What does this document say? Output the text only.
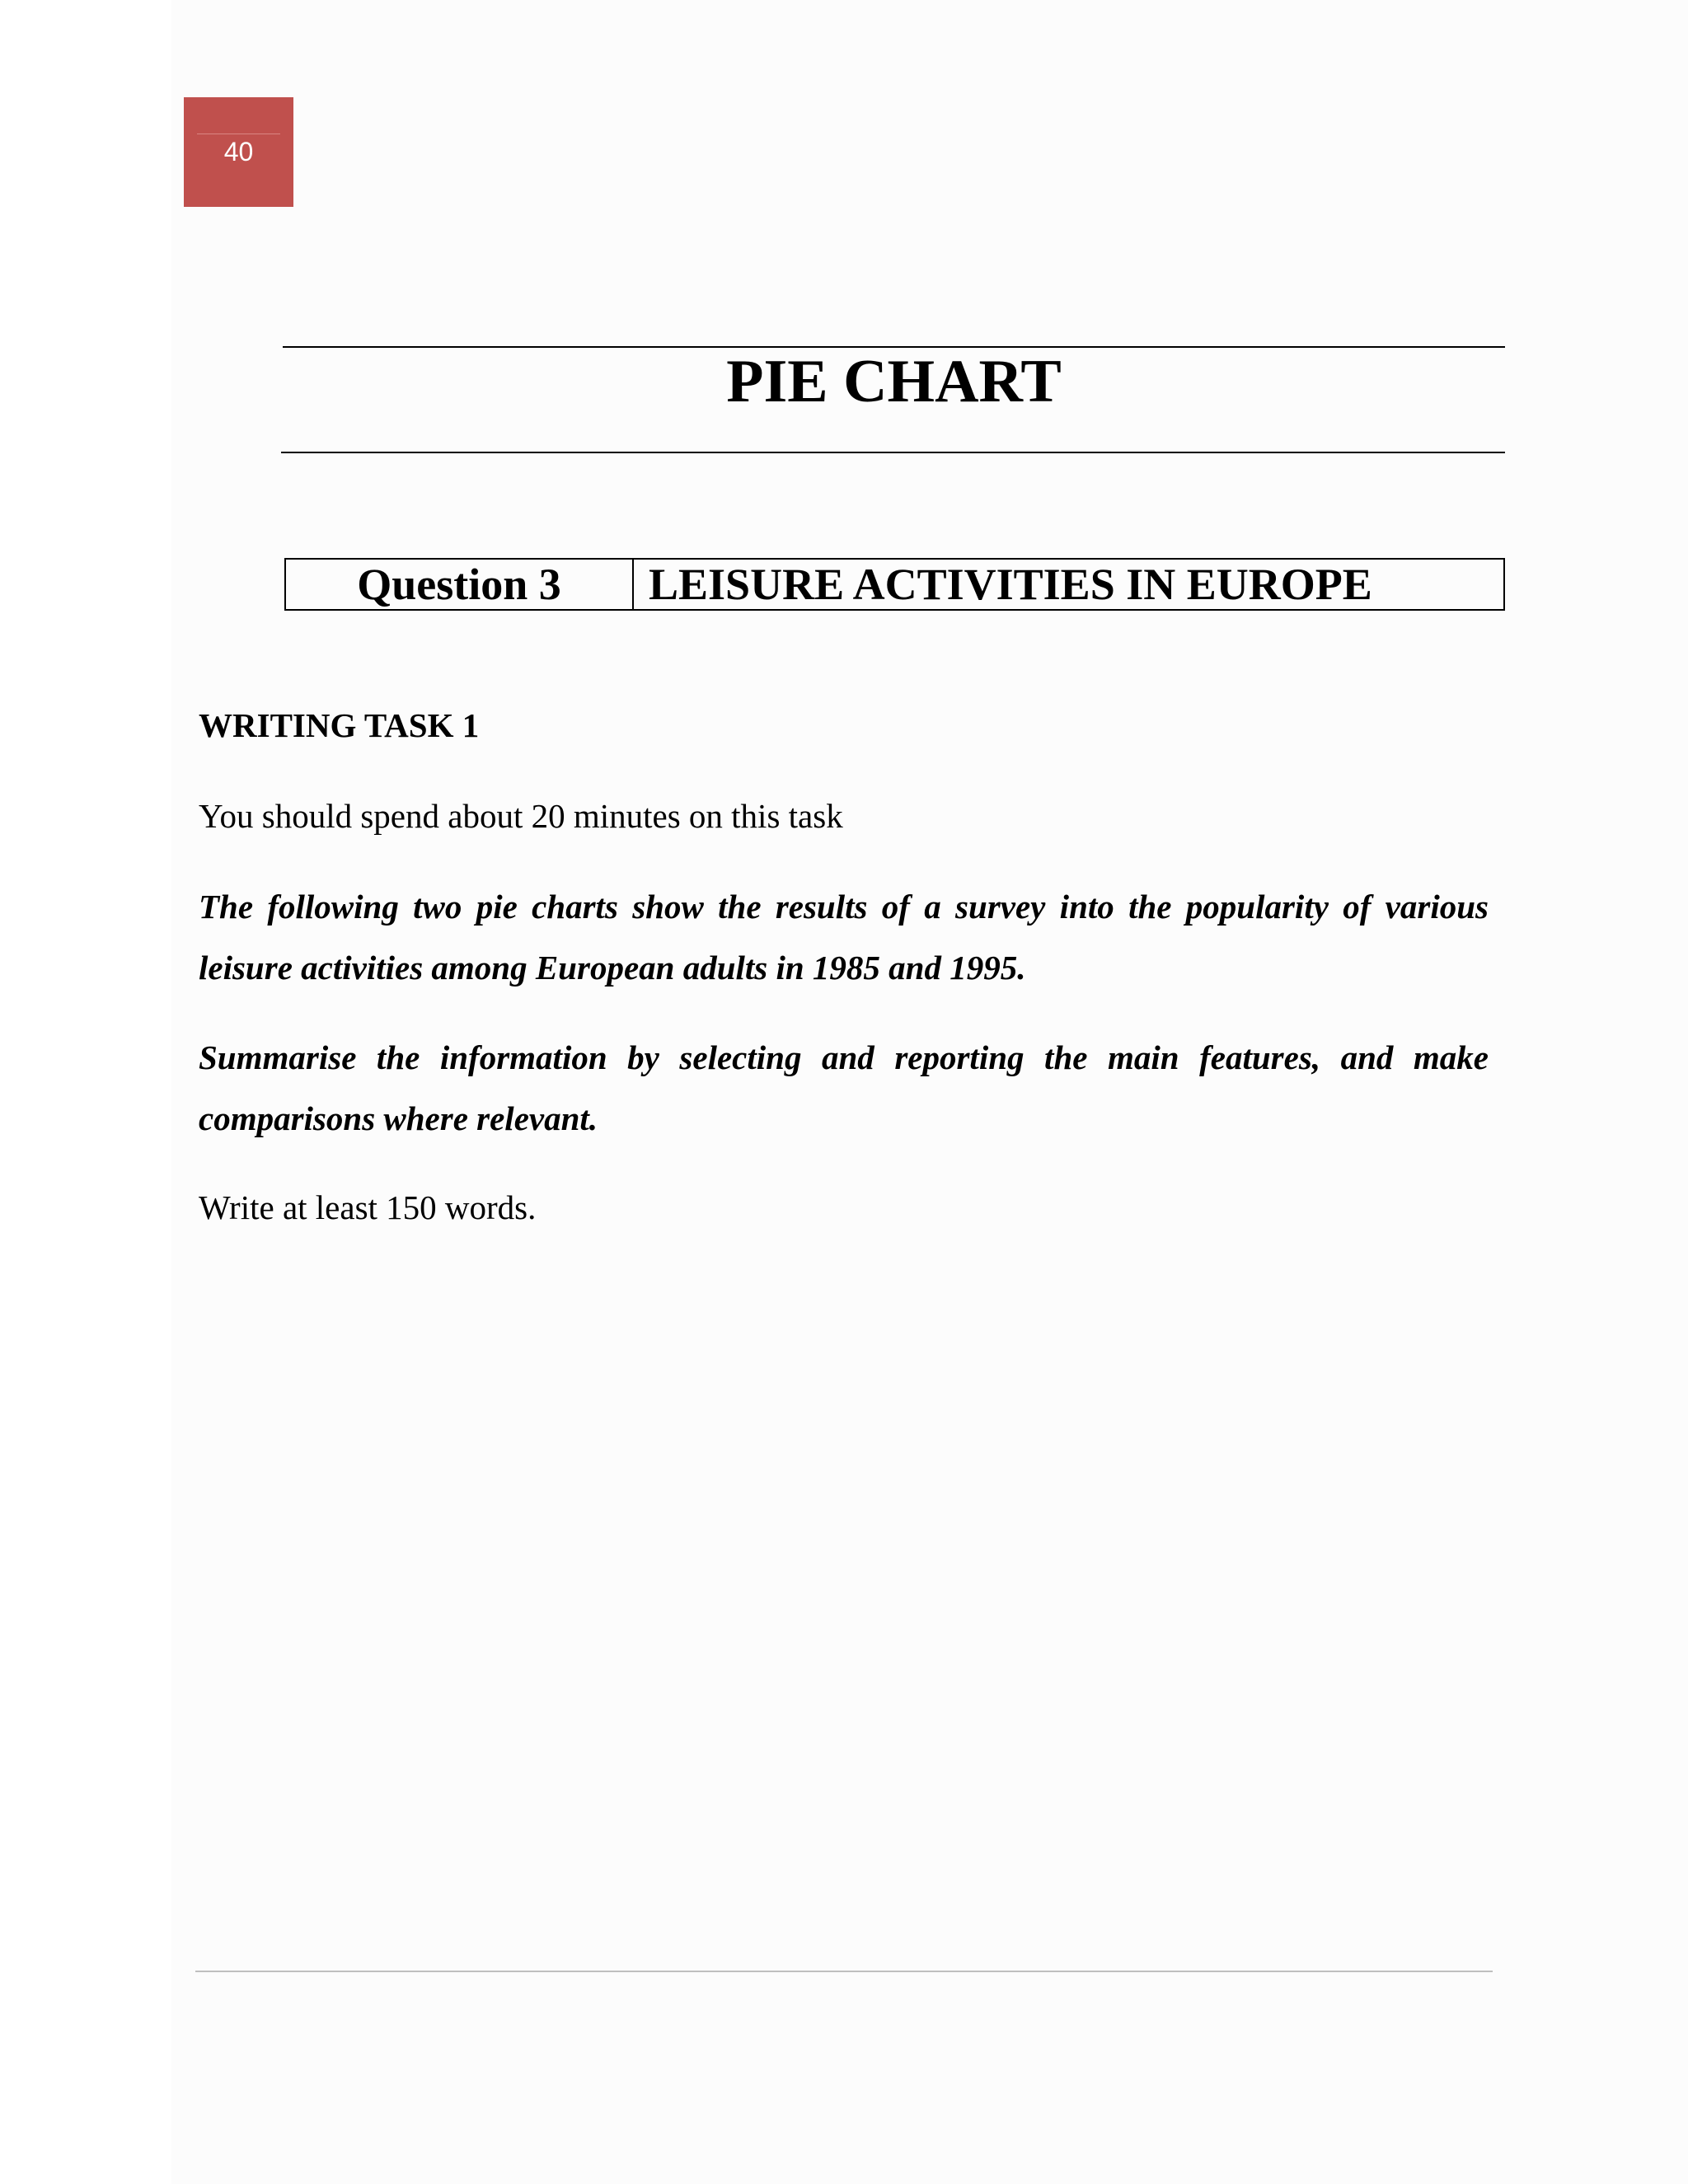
40
PIE CHART
Question 3	LEISURE ACTIVITIES IN EUROPE
WRITING TASK 1

You should spend about 20 minutes on this task

The following two pie charts show the results of a survey into the popularity of various leisure activities among European adults in 1985 and 1995.

Summarise the information by selecting and reporting the main features, and make comparisons where relevant.

Write at least 150 words.
